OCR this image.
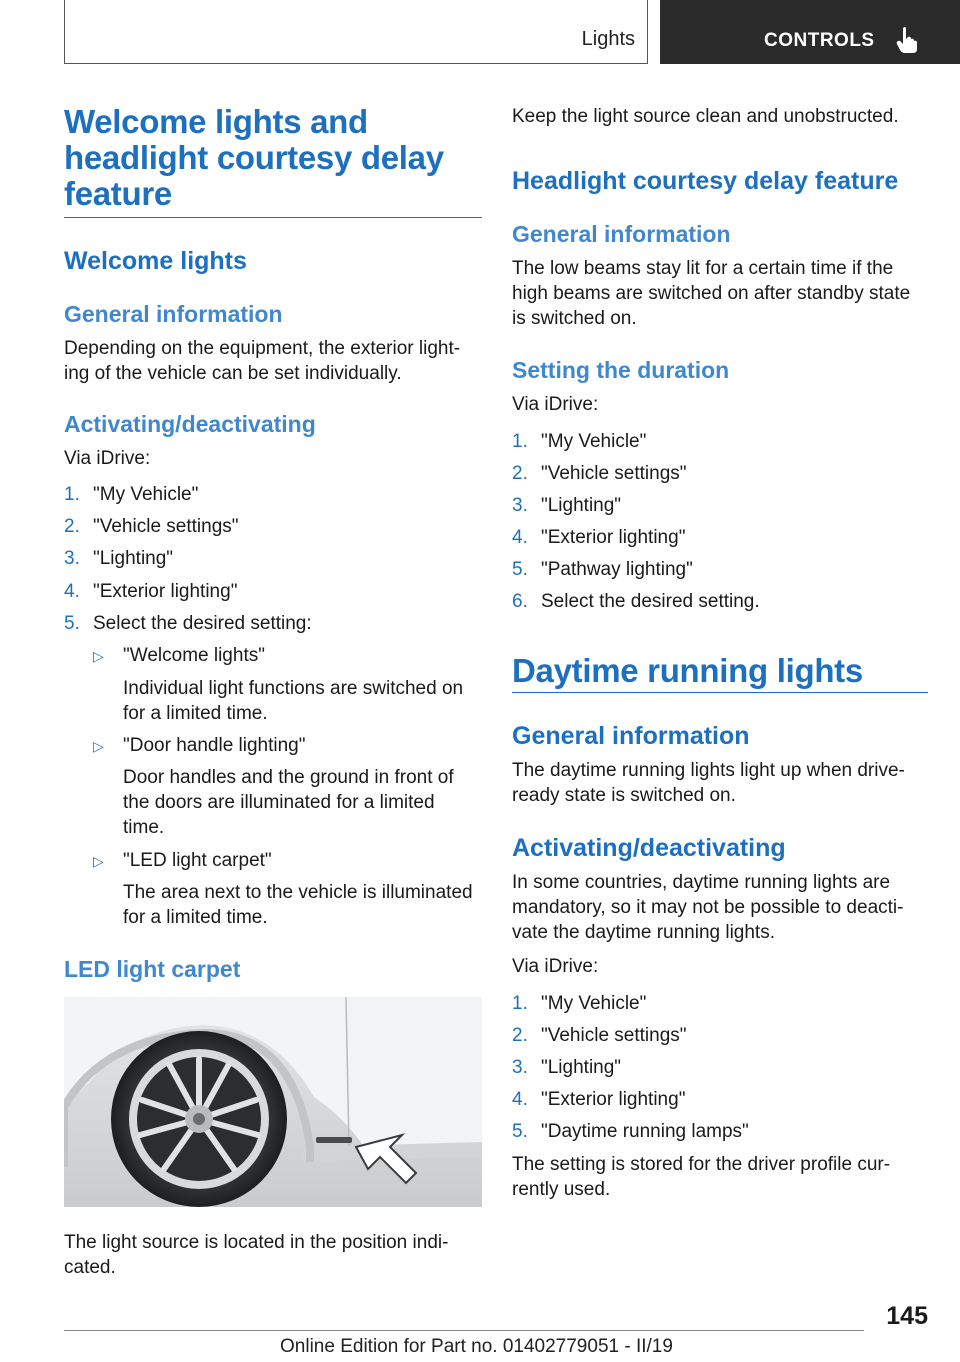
Lights	CONTROLS
Welcome lights and
headlight courtesy delay
feature
Welcome lights
General information
Depending on the equipment, the exterior light-
ing of the vehicle can be set individually.
Activating/deactivating
Via iDrive:
1. "My Vehicle"
2. "Vehicle settings"
3. "Lighting"
4. "Exterior lighting"
5. Select the desired setting:
▷ "Welcome lights"
Individual light functions are switched on
for a limited time.
▷ "Door handle lighting"
Door handles and the ground in front of
the doors are illuminated for a limited
time.
▷ "LED light carpet"
The area next to the vehicle is illuminated
for a limited time.
LED light carpet
The light source is located in the position indi-
cated.
Keep the light source clean and unobstructed.
Headlight courtesy delay feature
General information
The low beams stay lit for a certain time if the
high beams are switched on after standby state
is switched on.
Setting the duration
Via iDrive:
1. "My Vehicle"
2. "Vehicle settings"
3. "Lighting"
4. "Exterior lighting"
5. "Pathway lighting"
6. Select the desired setting.
Daytime running lights
General information
The daytime running lights light up when drive-
ready state is switched on.
Activating/deactivating
In some countries, daytime running lights are
mandatory, so it may not be possible to deacti-
vate the daytime running lights.
Via iDrive:
1. "My Vehicle"
2. "Vehicle settings"
3. "Lighting"
4. "Exterior lighting"
5. "Daytime running lamps"
The setting is stored for the driver profile cur-
rently used.
145
Online Edition for Part no. 01402779051 - II/19
